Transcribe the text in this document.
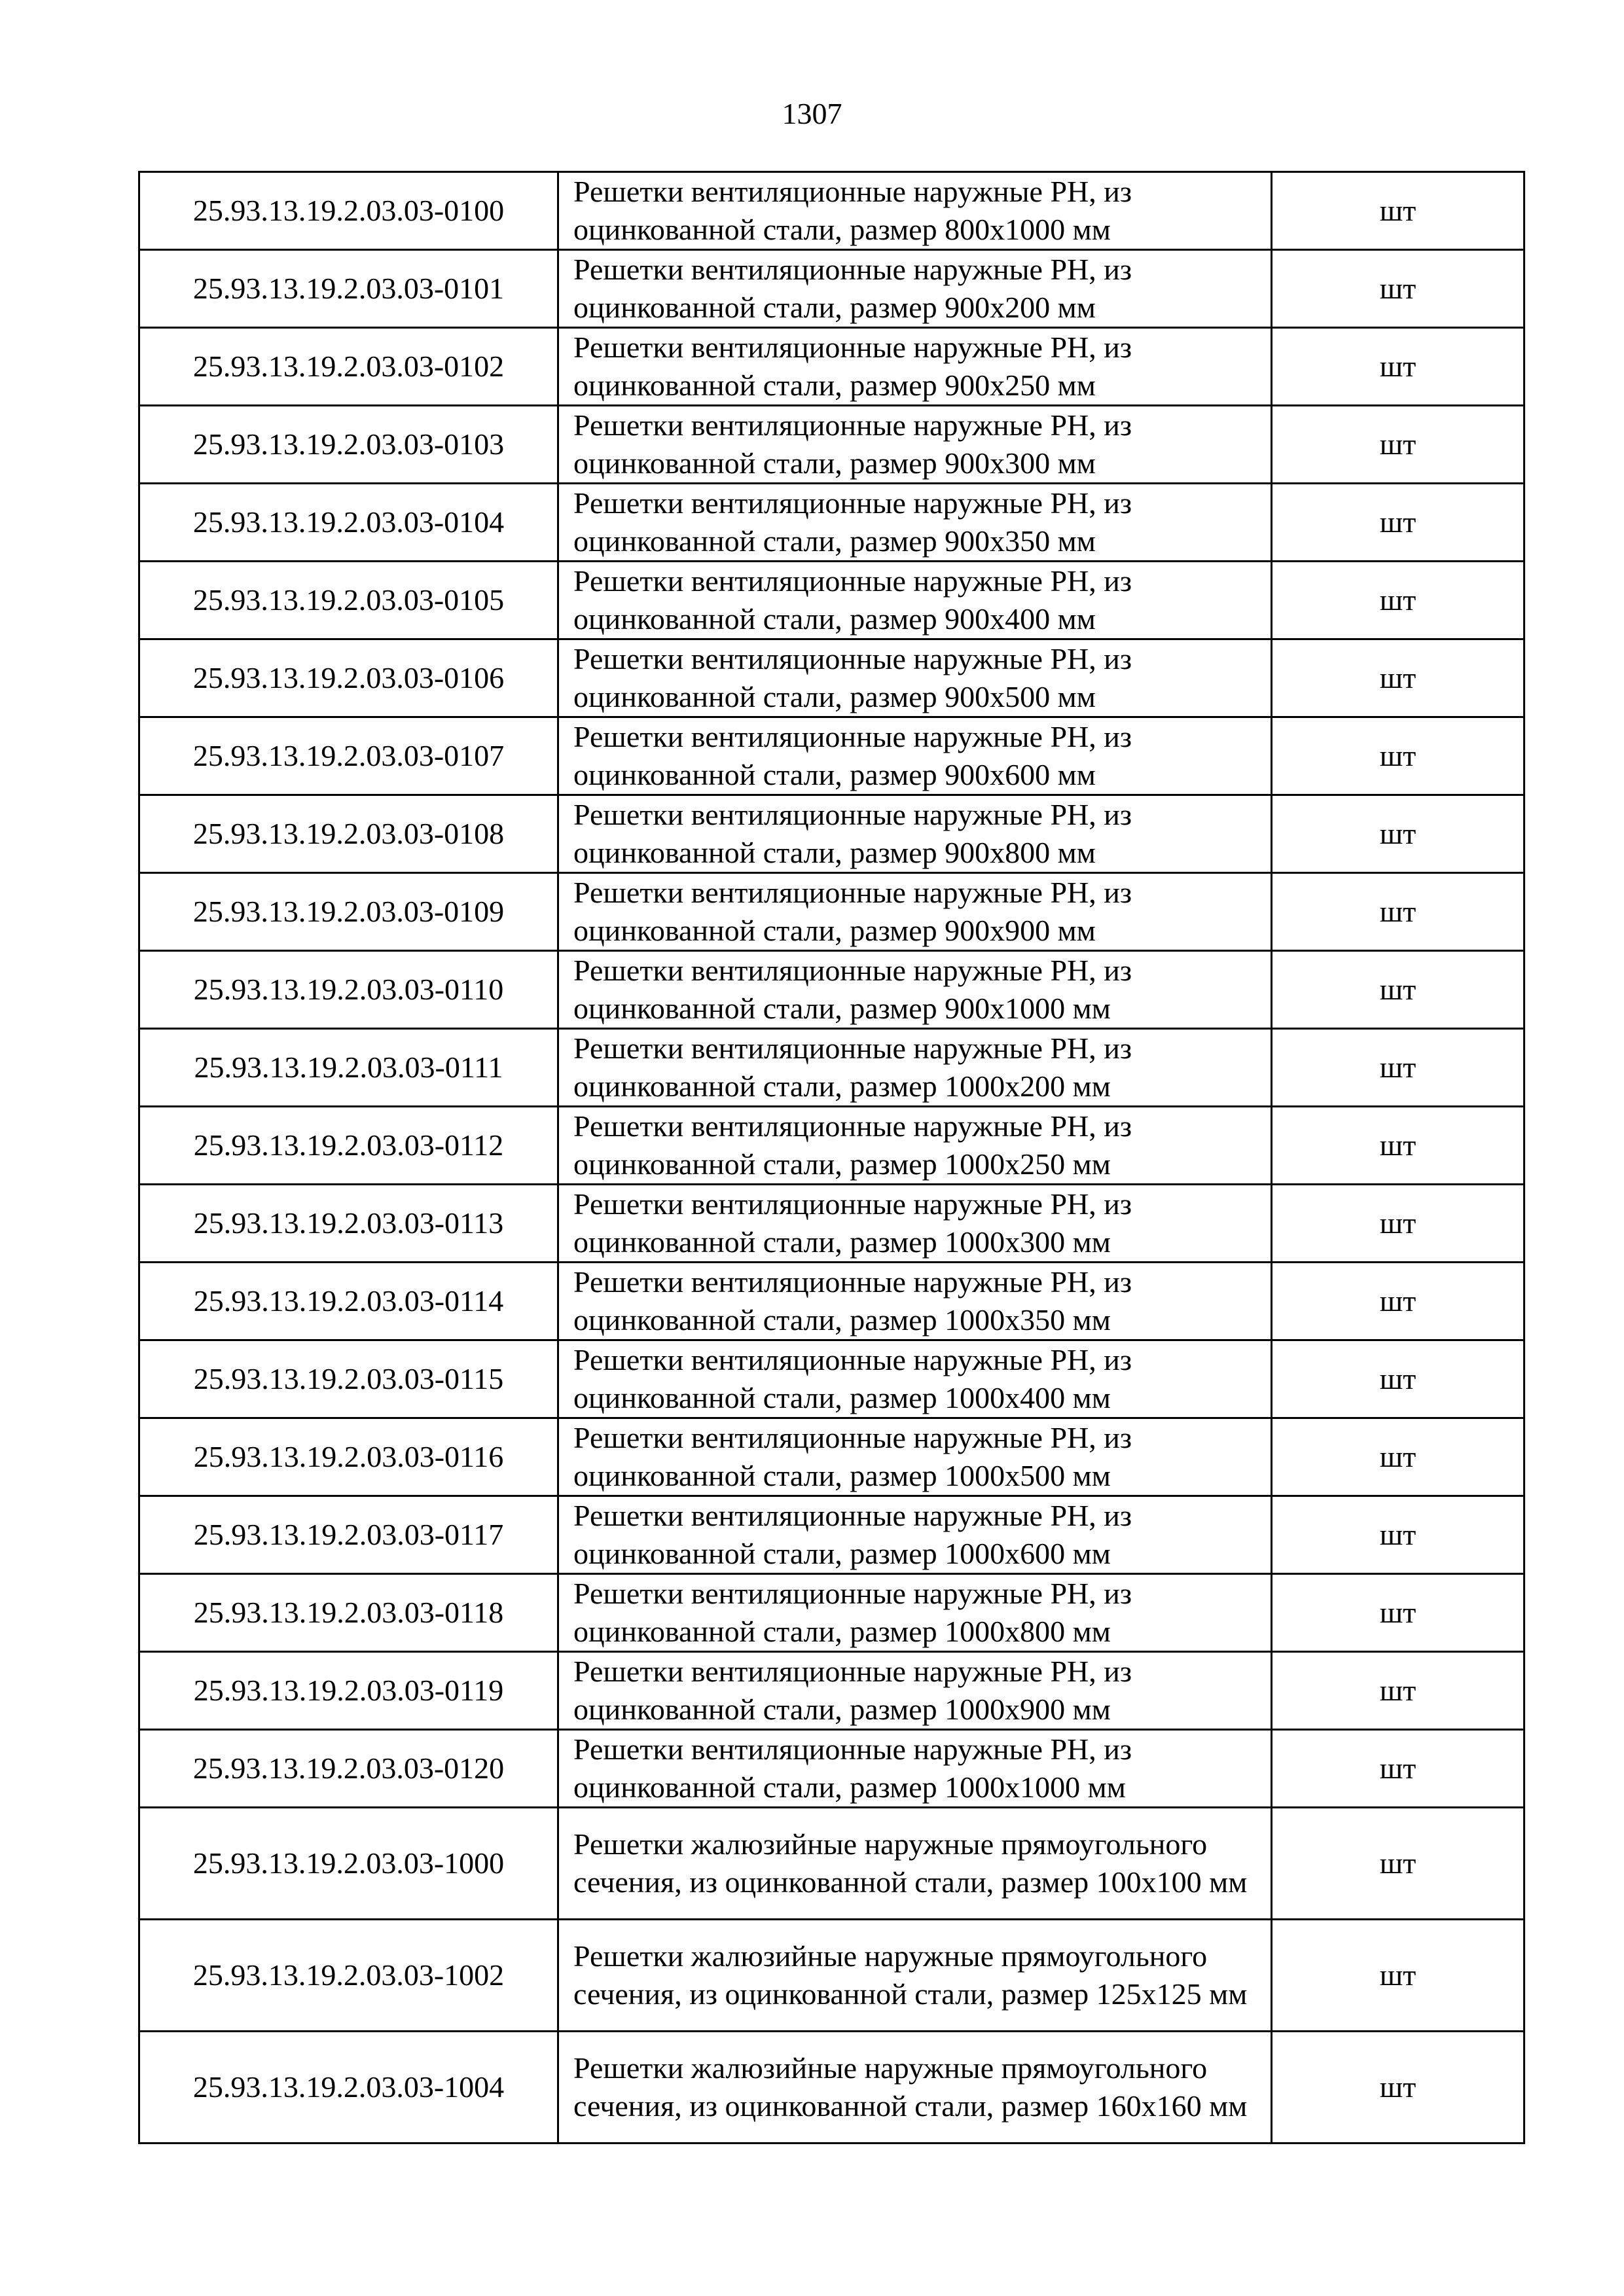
1307
25.93.13.19.2.03.03-0100	Решетки вентиляционные наружные РН, из оцинкованной стали, размер 800x1000 мм	шт
25.93.13.19.2.03.03-0101	Решетки вентиляционные наружные РН, из оцинкованной стали, размер 900x200 мм	шт
25.93.13.19.2.03.03-0102	Решетки вентиляционные наружные РН, из оцинкованной стали, размер 900x250 мм	шт
25.93.13.19.2.03.03-0103	Решетки вентиляционные наружные РН, из оцинкованной стали, размер 900x300 мм	шт
25.93.13.19.2.03.03-0104	Решетки вентиляционные наружные РН, из оцинкованной стали, размер 900x350 мм	шт
25.93.13.19.2.03.03-0105	Решетки вентиляционные наружные РН, из оцинкованной стали, размер 900x400 мм	шт
25.93.13.19.2.03.03-0106	Решетки вентиляционные наружные РН, из оцинкованной стали, размер 900x500 мм	шт
25.93.13.19.2.03.03-0107	Решетки вентиляционные наружные РН, из оцинкованной стали, размер 900x600 мм	шт
25.93.13.19.2.03.03-0108	Решетки вентиляционные наружные РН, из оцинкованной стали, размер 900x800 мм	шт
25.93.13.19.2.03.03-0109	Решетки вентиляционные наружные РН, из оцинкованной стали, размер 900x900 мм	шт
25.93.13.19.2.03.03-0110	Решетки вентиляционные наружные РН, из оцинкованной стали, размер 900x1000 мм	шт
25.93.13.19.2.03.03-0111	Решетки вентиляционные наружные РН, из оцинкованной стали, размер 1000x200 мм	шт
25.93.13.19.2.03.03-0112	Решетки вентиляционные наружные РН, из оцинкованной стали, размер 1000x250 мм	шт
25.93.13.19.2.03.03-0113	Решетки вентиляционные наружные РН, из оцинкованной стали, размер 1000x300 мм	шт
25.93.13.19.2.03.03-0114	Решетки вентиляционные наружные РН, из оцинкованной стали, размер 1000x350 мм	шт
25.93.13.19.2.03.03-0115	Решетки вентиляционные наружные РН, из оцинкованной стали, размер 1000x400 мм	шт
25.93.13.19.2.03.03-0116	Решетки вентиляционные наружные РН, из оцинкованной стали, размер 1000x500 мм	шт
25.93.13.19.2.03.03-0117	Решетки вентиляционные наружные РН, из оцинкованной стали, размер 1000x600 мм	шт
25.93.13.19.2.03.03-0118	Решетки вентиляционные наружные РН, из оцинкованной стали, размер 1000x800 мм	шт
25.93.13.19.2.03.03-0119	Решетки вентиляционные наружные РН, из оцинкованной стали, размер 1000x900 мм	шт
25.93.13.19.2.03.03-0120	Решетки вентиляционные наружные РН, из оцинкованной стали, размер 1000x1000 мм	шт
25.93.13.19.2.03.03-1000	Решетки жалюзийные наружные прямоугольного сечения, из оцинкованной стали, размер 100x100 мм	шт
25.93.13.19.2.03.03-1002	Решетки жалюзийные наружные прямоугольного сечения, из оцинкованной стали, размер 125x125 мм	шт
25.93.13.19.2.03.03-1004	Решетки жалюзийные наружные прямоугольного сечения, из оцинкованной стали, размер 160x160 мм	шт
